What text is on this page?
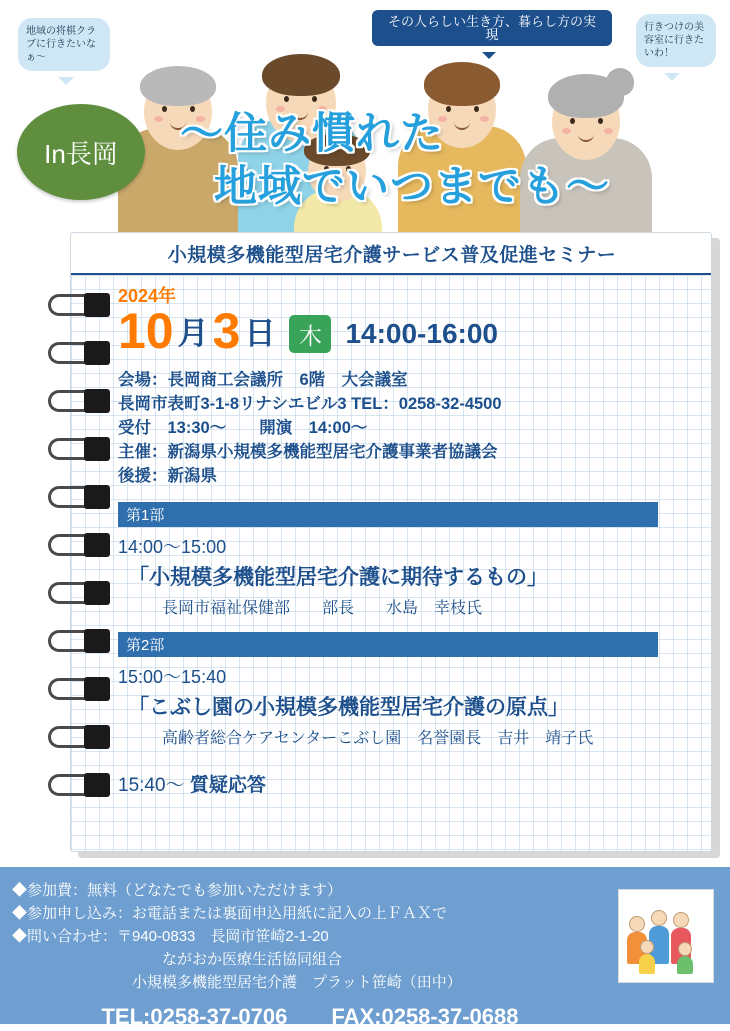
地域の将棋クラブに行きたいなぁ～
その人らしい生き方、暮らし方の実現	行きつけの美容室に行きたいわ！
In長岡	～住み慣れた
地域でいつまでも～
小規模多機能型居宅介護サービス普及促進セミナー
2024年
10 月 3 日	木 14:00-16:00
会場：長岡商工会議所　6階　大会議室
長岡市表町3-1-8リナシエビル3 TEL：0258-32-4500
受付　13:30～　　開演　14:00～
主催：新潟県小規模多機能型居宅介護事業者協議会
後援：新潟県
第1部
14:00～15:00
「小規模多機能型居宅介護に期待するもの」
長岡市福祉保健部　　部長　　水島　幸枝氏
第2部
15:00～15:40
「こぶし園の小規模多機能型居宅介護の原点」
高齢者総合ケアセンターこぶし園　名誉園長　吉井　靖子氏
15:40～ 質疑応答
◆参加費：無料（どなたでも参加いただけます）
◆参加申し込み：お電話または裏面申込用紙に記入の上ＦＡＸで
◆問い合わせ：〒940-0833　長岡市笹崎2-1-20
　　　　　　　　　　ながおか医療生活協同組合
　　　　　　　　小規模多機能型居宅介護　プラット笹崎（田中）
TEL:0258-37-0706　　FAX:0258-37-0688
